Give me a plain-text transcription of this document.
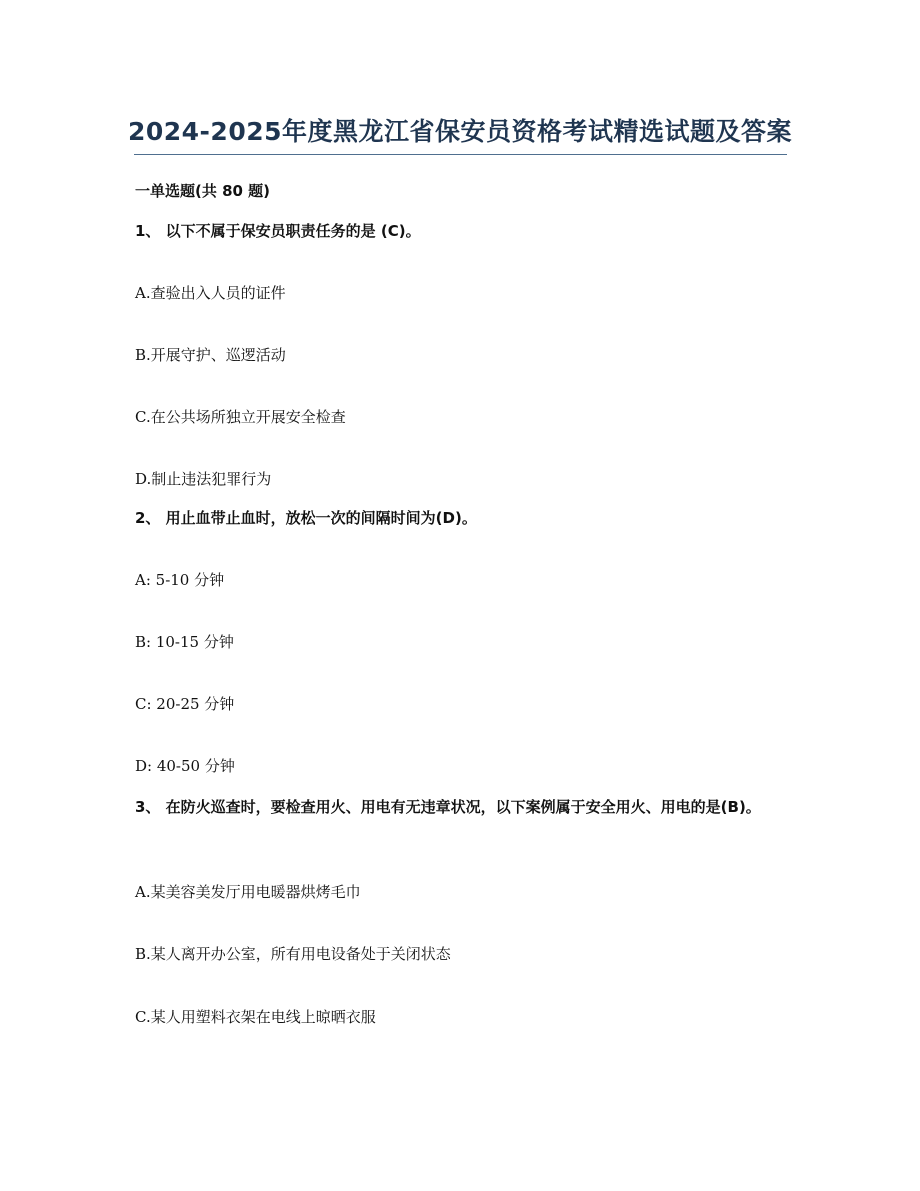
2024-2025年度黑龙江省保安员资格考试精选试题及答案
一单选题(共 80 题)
1、 以下不属于保安员职责任务的是 (C)。
A.查验出入人员的证件
B.开展守护、巡逻活动
C.在公共场所独立开展安全检查
D.制止违法犯罪行为
2、 用止血带止血时，放松一次的间隔时间为(D)。
A: 5-10 分钟
B: 10-15 分钟
C: 20-25 分钟
D: 40-50 分钟
3、 在防火巡查时，要检查用火、用电有无违章状况，以下案例属于安全用火、用电的是(B)。
A.某美容美发厅用电暖器烘烤毛巾
B.某人离开办公室，所有用电设备处于关闭状态
C.某人用塑料衣架在电线上晾晒衣服
